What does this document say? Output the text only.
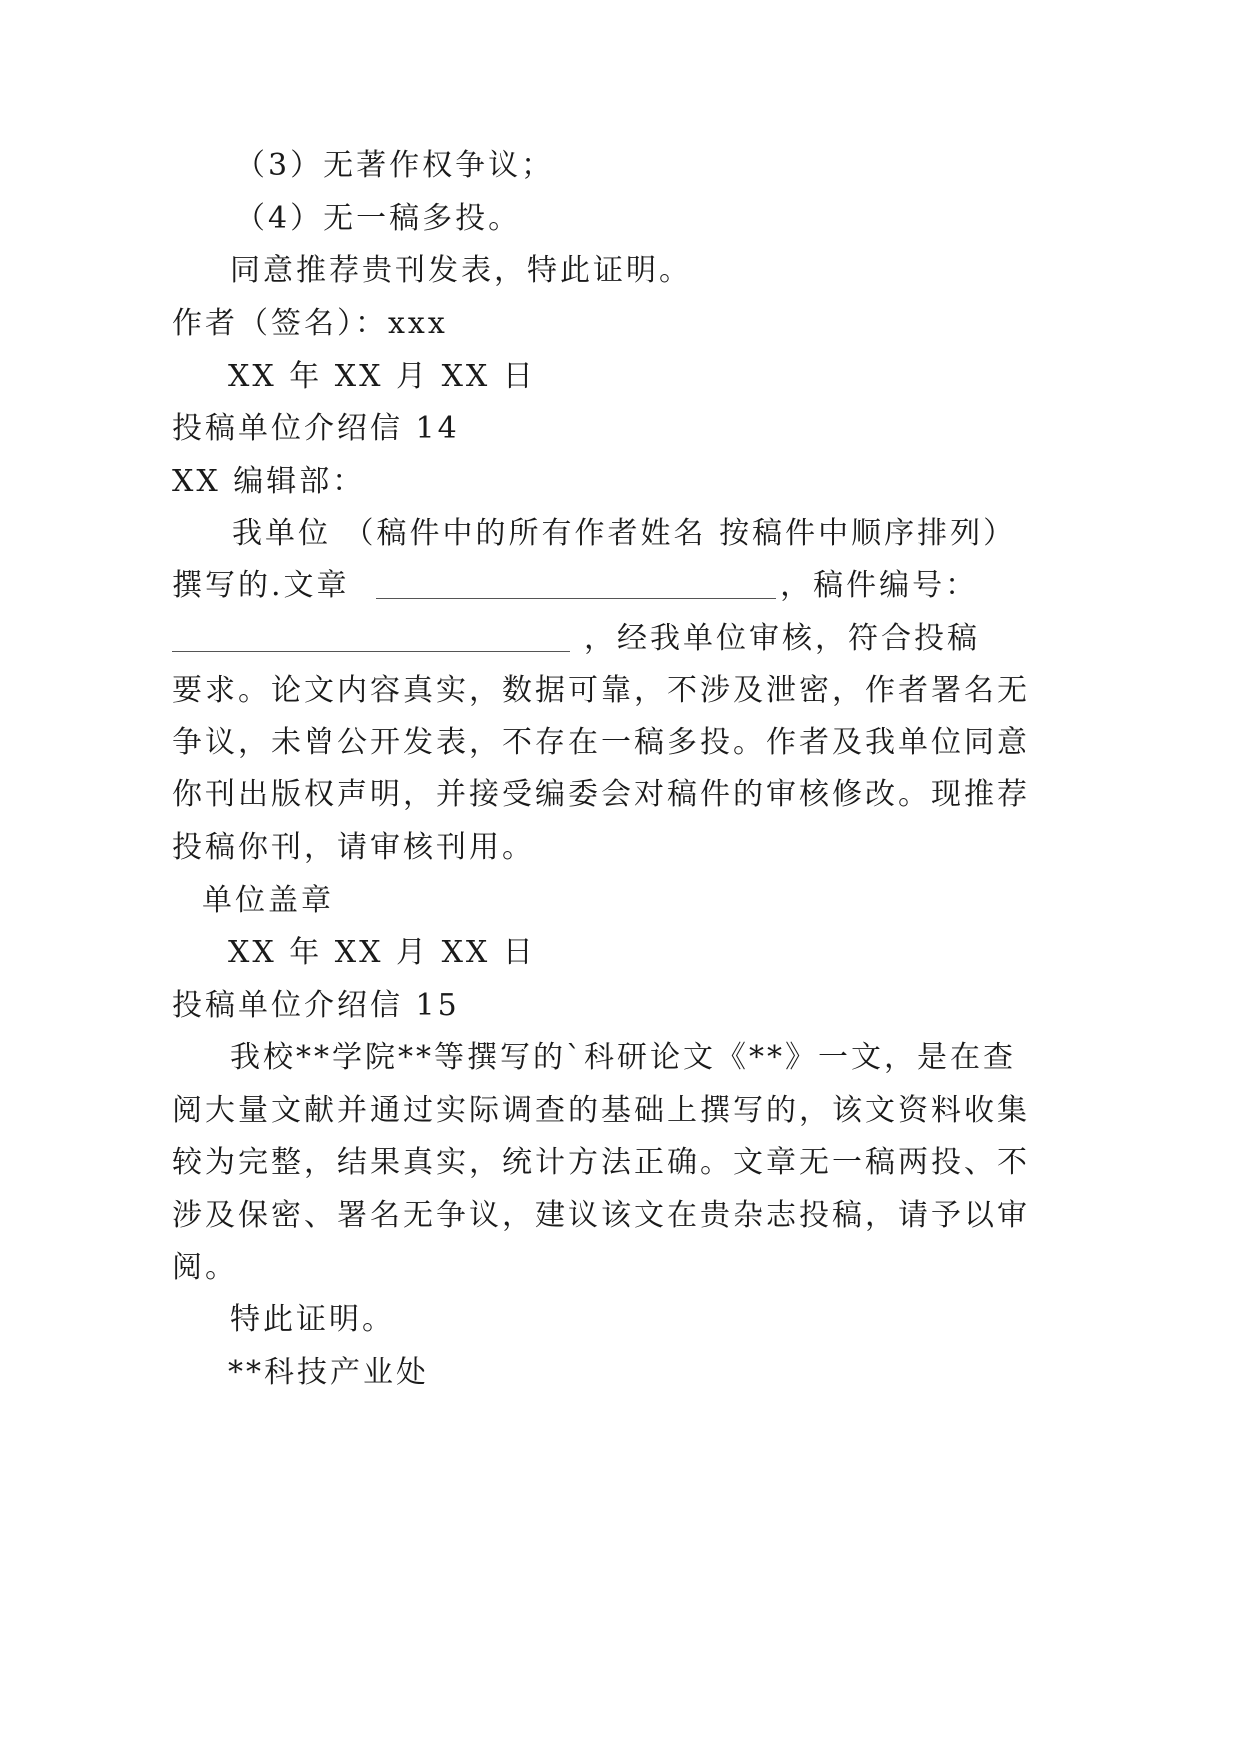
（3）无著作权争议；
（4）无一稿多投。
同意推荐贵刊发表，特此证明。
作者（签名）：xxx
XX 年 XX 月 XX 日
投稿单位介绍信 14
XX 编辑部：
我单位 （稿件中的所有作者姓名 按稿件中顺序排列）
撰写的.文章	，稿件编号：
，经我单位审核，符合投稿
要求。论文内容真实，数据可靠，不涉及泄密，作者署名无
争议，未曾公开发表，不存在一稿多投。作者及我单位同意
你刊出版权声明，并接受编委会对稿件的审核修改。现推荐
投稿你刊，请审核刊用。
单位盖章
XX 年 XX 月 XX 日
投稿单位介绍信 15
我校**学院**等撰写的`科研论文《**》一文，是在查
阅大量文献并通过实际调查的基础上撰写的，该文资料收集
较为完整，结果真实，统计方法正确。文章无一稿两投、不
涉及保密、署名无争议，建议该文在贵杂志投稿，请予以审
阅。
特此证明。
**科技产业处
